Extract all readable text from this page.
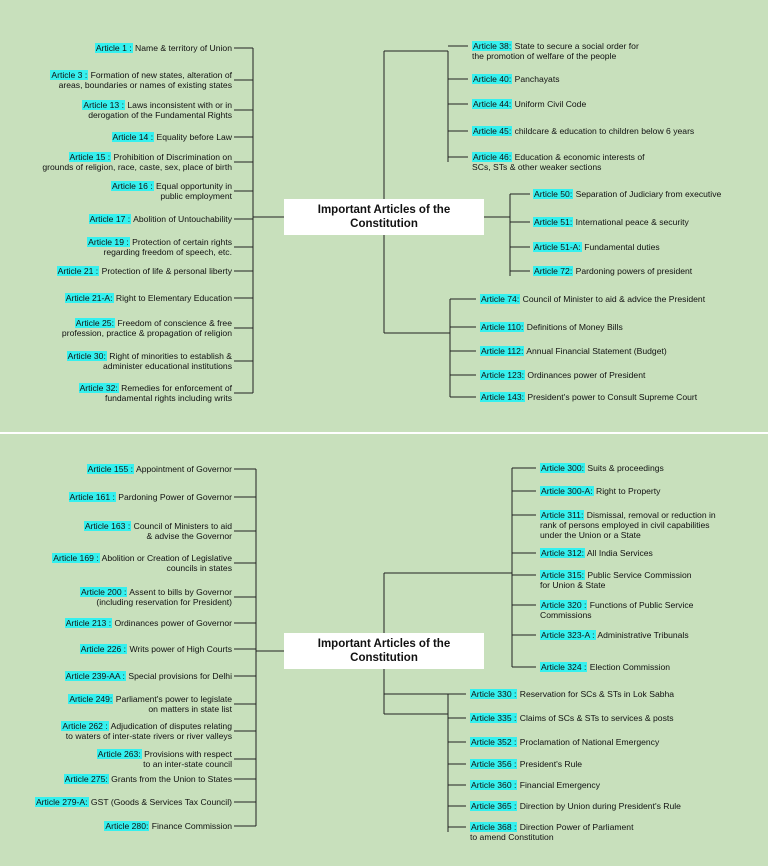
Important Articles of the Constitution
Article 1 : Name & territory of Union
Article 3 : Formation of new states, alteration of
areas, boundaries or names of existing states
Article 13 : Laws inconsistent with or in
derogation of the Fundamental Rights
Article 14 : Equality before Law
Article 15 : Prohibition of Discrimination on
grounds of religion, race, caste, sex, place of birth
Article 16 : Equal opportunity in
public employment
Article 17 : Abolition of Untouchability
Article 19 : Protection of certain rights
regarding freedom of speech, etc.
Article 21 : Protection of life & personal liberty
Article 21-A: Right to Elementary Education
Article 25: Freedom of conscience & free
profession, practice & propagation of religion
Article 30: Right of minorities to establish &
administer educational institutions
Article 32: Remedies for enforcement of
fundamental rights including writs
Article 38: State to secure a social order for
the promotion of welfare of the people
Article 40: Panchayats
Article 44: Uniform Civil Code
Article 45: childcare & education to children below 6 years
Article 46: Education & economic interests of
SCs, STs & other weaker sections
Article 50: Separation of Judiciary from executive
Article 51: International peace & security
Article 51-A: Fundamental duties
Article 72: Pardoning powers of president
Article 74: Council of Minister to aid & advice the President
Article 110: Definitions of Money Bills
Article 112: Annual Financial Statement (Budget)
Article 123: Ordinances power of President
Article 143: President's power to Consult Supreme Court
Important Articles of the Constitution
Article 155 : Appointment of Governor
Article 161 : Pardoning Power of Governor
Article 163 : Council of Ministers to aid
& advise the Governor
Article 169 : Abolition or Creation of Legislative
councils in states
Article 200 : Assent to bills by Governor
(including reservation for President)
Article 213 : Ordinances power of Governor
Article 226 : Writs power of High Courts
Article 239-AA : Special provisions for Delhi
Article 249: Parliament's power to legislate
on matters in state list
Article 262 : Adjudication of disputes relating
to waters of inter-state rivers or river valleys
Article 263: Provisions with respect
to an inter-state council
Article 275: Grants from the Union to States
Article 279-A: GST (Goods & Services Tax Council)
Article 280: Finance Commission
Article 300: Suits & proceedings
Article 300-A: Right to Property
Article 311: Dismissal, removal or reduction in
rank of persons employed in civil capabilities
under the Union or a State
Article 312: All India Services
Article 315: Public Service Commission
for Union & State
Article 320 : Functions of Public Service
Commissions
Article 323-A : Administrative Tribunals
Article 324 : Election Commission
Article 330 : Reservation for SCs & STs in Lok Sabha
Article 335 : Claims of SCs & STs to services & posts
Article 352 : Proclamation of National Emergency
Article 356 : President's Rule
Article 360 : Financial Emergency
Article 365 : Direction by Union during President's Rule
Article 368 : Direction Power of Parliament
to amend Constitution
